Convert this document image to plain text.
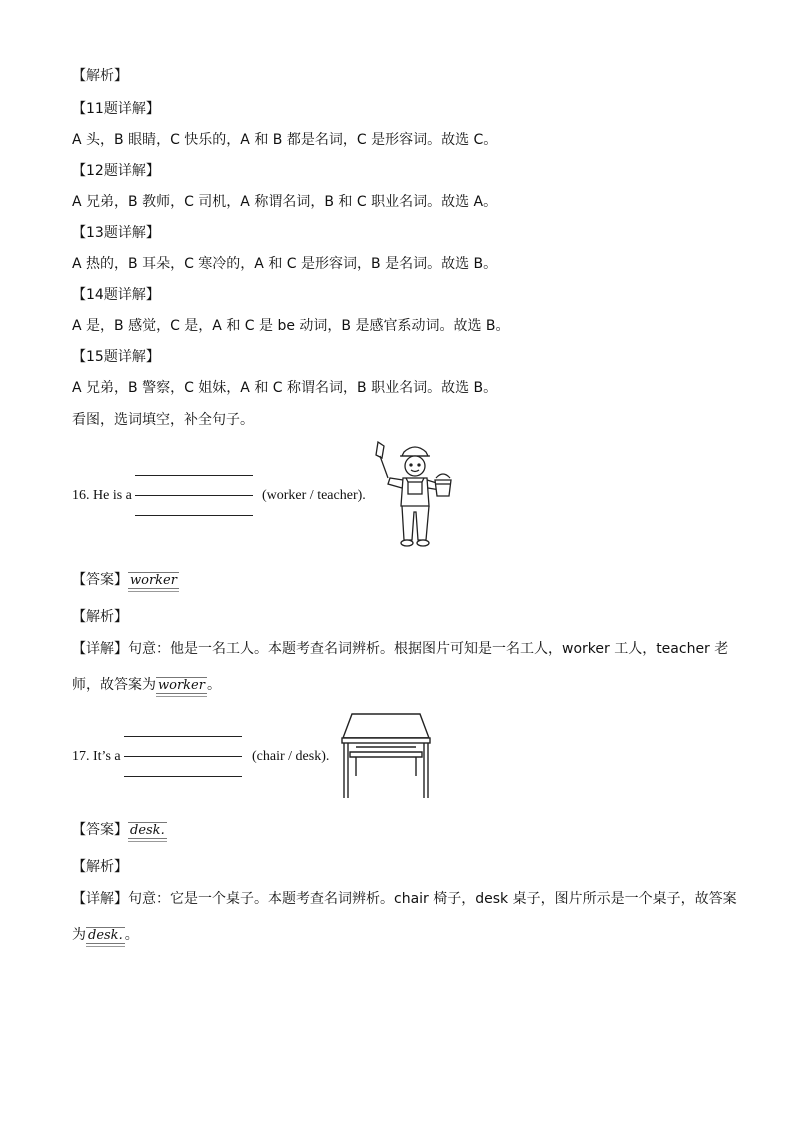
【解析】
【11题详解】
A 头，B 眼睛，C 快乐的，A 和 B 都是名词，C 是形容词。故选 C。
【12题详解】
A 兄弟，B 教师，C 司机，A 称谓名词，B 和 C 职业名词。故选 A。
【13题详解】
A 热的，B 耳朵，C 寒冷的，A 和 C 是形容词，B 是名词。故选 B。
【14题详解】
A 是，B 感觉，C 是，A 和 C 是 be 动词，B 是感官系动词。故选 B。
【15题详解】
A 兄弟，B 警察，C 姐妹，A 和 C 称谓名词，B 职业名词。故选 B。
看图，选词填空，补全句子。
16. He is a	(worker / teacher).
【答案】 worker
【解析】
【详解】句意：他是一名工人。本题考查名词辨析。根据图片可知是一名工人，worker 工人，teacher 老
师，故答案为 worker 。
17. It’s a	(chair / desk).
【答案】 desk.
【解析】
【详解】句意：它是一个桌子。本题考查名词辨析。chair 椅子，desk 桌子，图片所示是一个桌子，故答案
为 desk. 。
